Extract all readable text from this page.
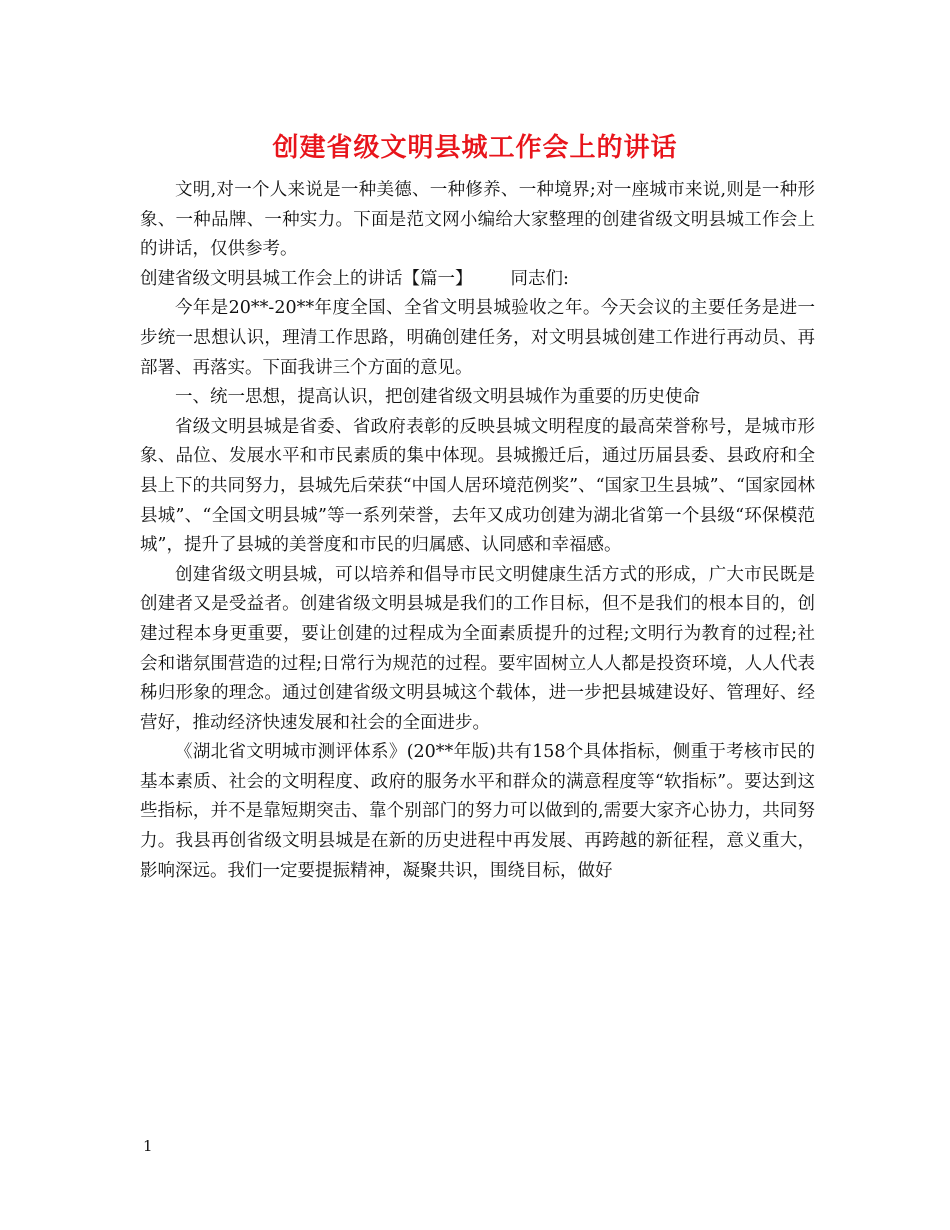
创建省级文明县城工作会上的讲话

文明,对一个人来说是一种美德、一种修养、一种境界;对一座城市来说,则是一种形象、一种品牌、一种实力。下面是范文网小编给大家整理的创建省级文明县城工作会上的讲话，仅供参考。

创建省级文明县城工作会上的讲话【篇一】 同志们:

今年是20**-20**年度全国、全省文明县城验收之年。今天会议的主要任务是进一步统一思想认识，理清工作思路，明确创建任务，对文明县城创建工作进行再动员、再部署、再落实。下面我讲三个方面的意见。

一、统一思想，提高认识，把创建省级文明县城作为重要的历史使命

省级文明县城是省委、省政府表彰的反映县城文明程度的最高荣誉称号，是城市形象、品位、发展水平和市民素质的集中体现。县城搬迁后，通过历届县委、县政府和全县上下的共同努力，县城先后荣获“中国人居环境范例奖”、“国家卫生县城”、“国家园林县城”、“全国文明县城”等一系列荣誉，去年又成功创建为湖北省第一个县级“环保模范城”，提升了县城的美誉度和市民的归属感、认同感和幸福感。

创建省级文明县城，可以培养和倡导市民文明健康生活方式的形成，广大市民既是创建者又是受益者。创建省级文明县城是我们的工作目标，但不是我们的根本目的，创建过程本身更重要，要让创建的过程成为全面素质提升的过程;文明行为教育的过程;社会和谐氛围营造的过程;日常行为规范的过程。要牢固树立人人都是投资环境，人人代表秭归形象的理念。通过创建省级文明县城这个载体，进一步把县城建设好、管理好、经营好，推动经济快速发展和社会的全面进步。

《湖北省文明城市测评体系》(20**年版)共有158个具体指标，侧重于考核市民的基本素质、社会的文明程度、政府的服务水平和群众的满意程度等“软指标”。要达到这些指标，并不是靠短期突击、靠个别部门的努力可以做到的,需要大家齐心协力，共同努力。我县再创省级文明县城是在新的历史进程中再发展、再跨越的新征程，意义重大，影响深远。我们一定要提振精神，凝聚共识，围绕目标，做好

1
